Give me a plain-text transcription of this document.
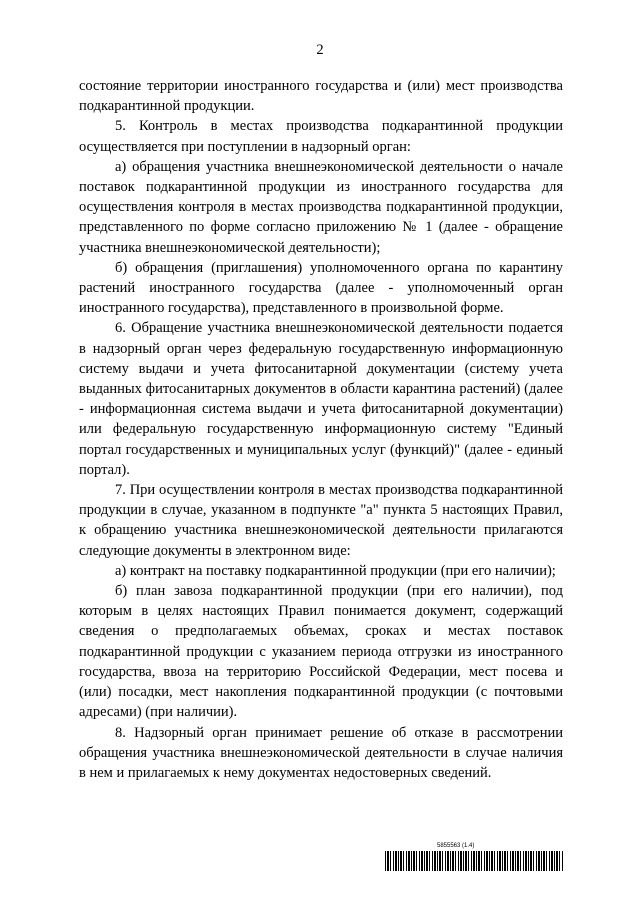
2

состояние территории иностранного государства и (или) мест производства подкарантинной продукции.

5. Контроль в местах производства подкарантинной продукции осуществляется при поступлении в надзорный орган:

а) обращения участника внешнеэкономической деятельности о начале поставок подкарантинной продукции из иностранного государства для осуществления контроля в местах производства подкарантинной продукции, представленного по форме согласно приложению № 1 (далее - обращение участника внешнеэкономической деятельности);

б) обращения (приглашения) уполномоченного органа по карантину растений иностранного государства (далее - уполномоченный орган иностранного государства), представленного в произвольной форме.

6. Обращение участника внешнеэкономической деятельности подается в надзорный орган через федеральную государственную информационную систему выдачи и учета фитосанитарной документации (систему учета выданных фитосанитарных документов в области карантина растений) (далее - информационная система выдачи и учета фитосанитарной документации) или федеральную государственную информационную систему "Единый портал государственных и муниципальных услуг (функций)" (далее - единый портал).

7. При осуществлении контроля в местах производства подкарантинной продукции в случае, указанном в подпункте "а" пункта 5 настоящих Правил, к обращению участника внешнеэкономической деятельности прилагаются следующие документы в электронном виде:

а) контракт на поставку подкарантинной продукции (при его наличии);

б) план завоза подкарантинной продукции (при его наличии), под которым в целях настоящих Правил понимается документ, содержащий сведения о предполагаемых объемах, сроках и местах поставок подкарантинной продукции с указанием периода отгрузки из иностранного государства, ввоза на территорию Российской Федерации, мест посева и (или) посадки, мест накопления подкарантинной продукции (с почтовыми адресами) (при наличии).

8. Надзорный орган принимает решение об отказе в рассмотрении обращения участника внешнеэкономической деятельности в случае наличия в нем и прилагаемых к нему документах недостоверных сведений.

5855563 (1.4)
